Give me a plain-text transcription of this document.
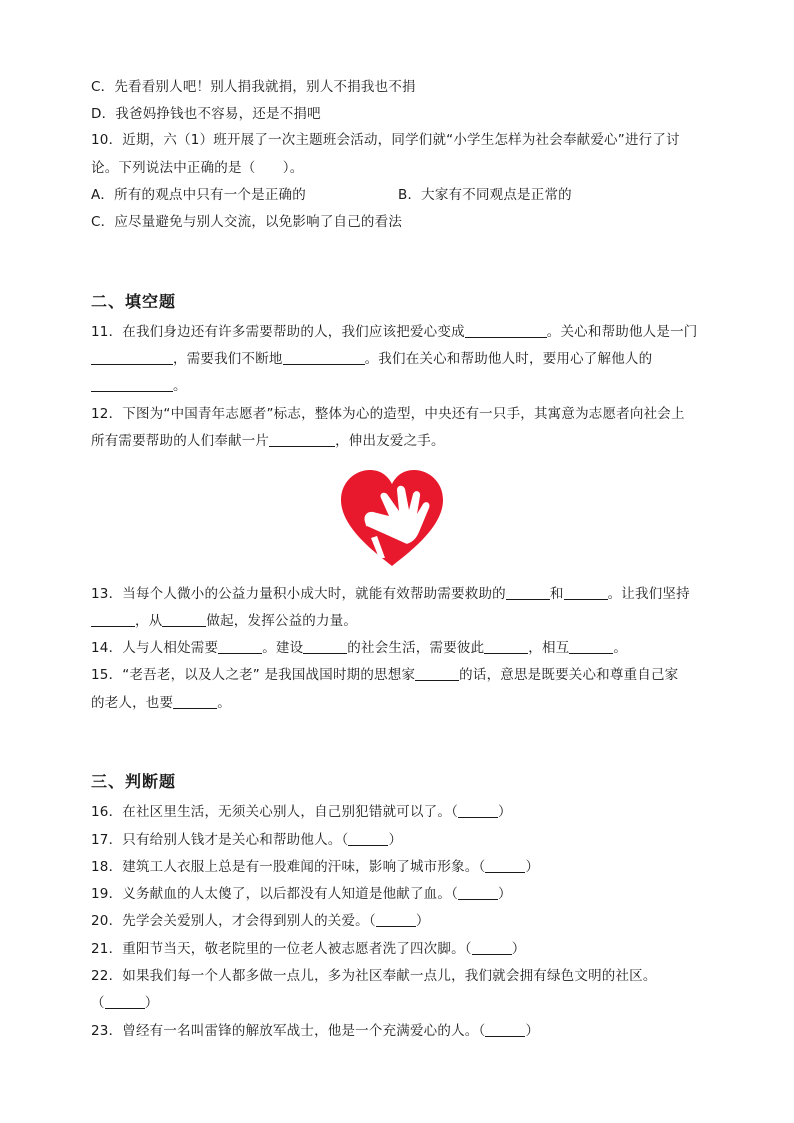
C．先看看别人吧！别人捐我就捐，别人不捐我也不捐
D．我爸妈挣钱也不容易，还是不捐吧
10．近期，六（1）班开展了一次主题班会活动，同学们就“小学生怎样为社会奉献爱心”进行了讨
论。下列说法中正确的是（　　）。
A．所有的观点中只有一个是正确的	B．大家有不同观点是正常的
C．应尽量避免与别人交流，以免影响了自己的看法
二、填空题
11．在我们身边还有许多需要帮助的人，我们应该把爱心变成	。关心和帮助他人是一门
，需要我们不断地	。我们在关心和帮助他人时，要用心了解他人的
。
12．下图为“中国青年志愿者”标志，整体为心的造型，中央还有一只手，其寓意为志愿者向社会上
所有需要帮助的人们奉献一片	，伸出友爱之手。
13．当每个人微小的公益力量积小成大时，就能有效帮助需要救助的	和	。让我们坚持
，从	做起，发挥公益的力量。
14．人与人相处需要	。建设	的社会生活，需要彼此	，相互	。
15．“老吾老，以及人之老” 是我国战国时期的思想家	的话，意思是既要关心和尊重自己家
的老人，也要	。
三、判断题
16．在社区里生活，无须关心别人，自己别犯错就可以了。（	）
17．只有给别人钱才是关心和帮助他人。（	）
18．建筑工人衣服上总是有一股难闻的汗味，影响了城市形象。（	）
19．义务献血的人太傻了，以后都没有人知道是他献了血。（	）
20．先学会关爱别人，才会得到别人的关爱。（	）
21．重阳节当天，敬老院里的一位老人被志愿者洗了四次脚。（	）
22．如果我们每一个人都多做一点儿，多为社区奉献一点儿，我们就会拥有绿色文明的社区。
（	）
23．曾经有一名叫雷锋的解放军战士，他是一个充满爱心的人。（	）
